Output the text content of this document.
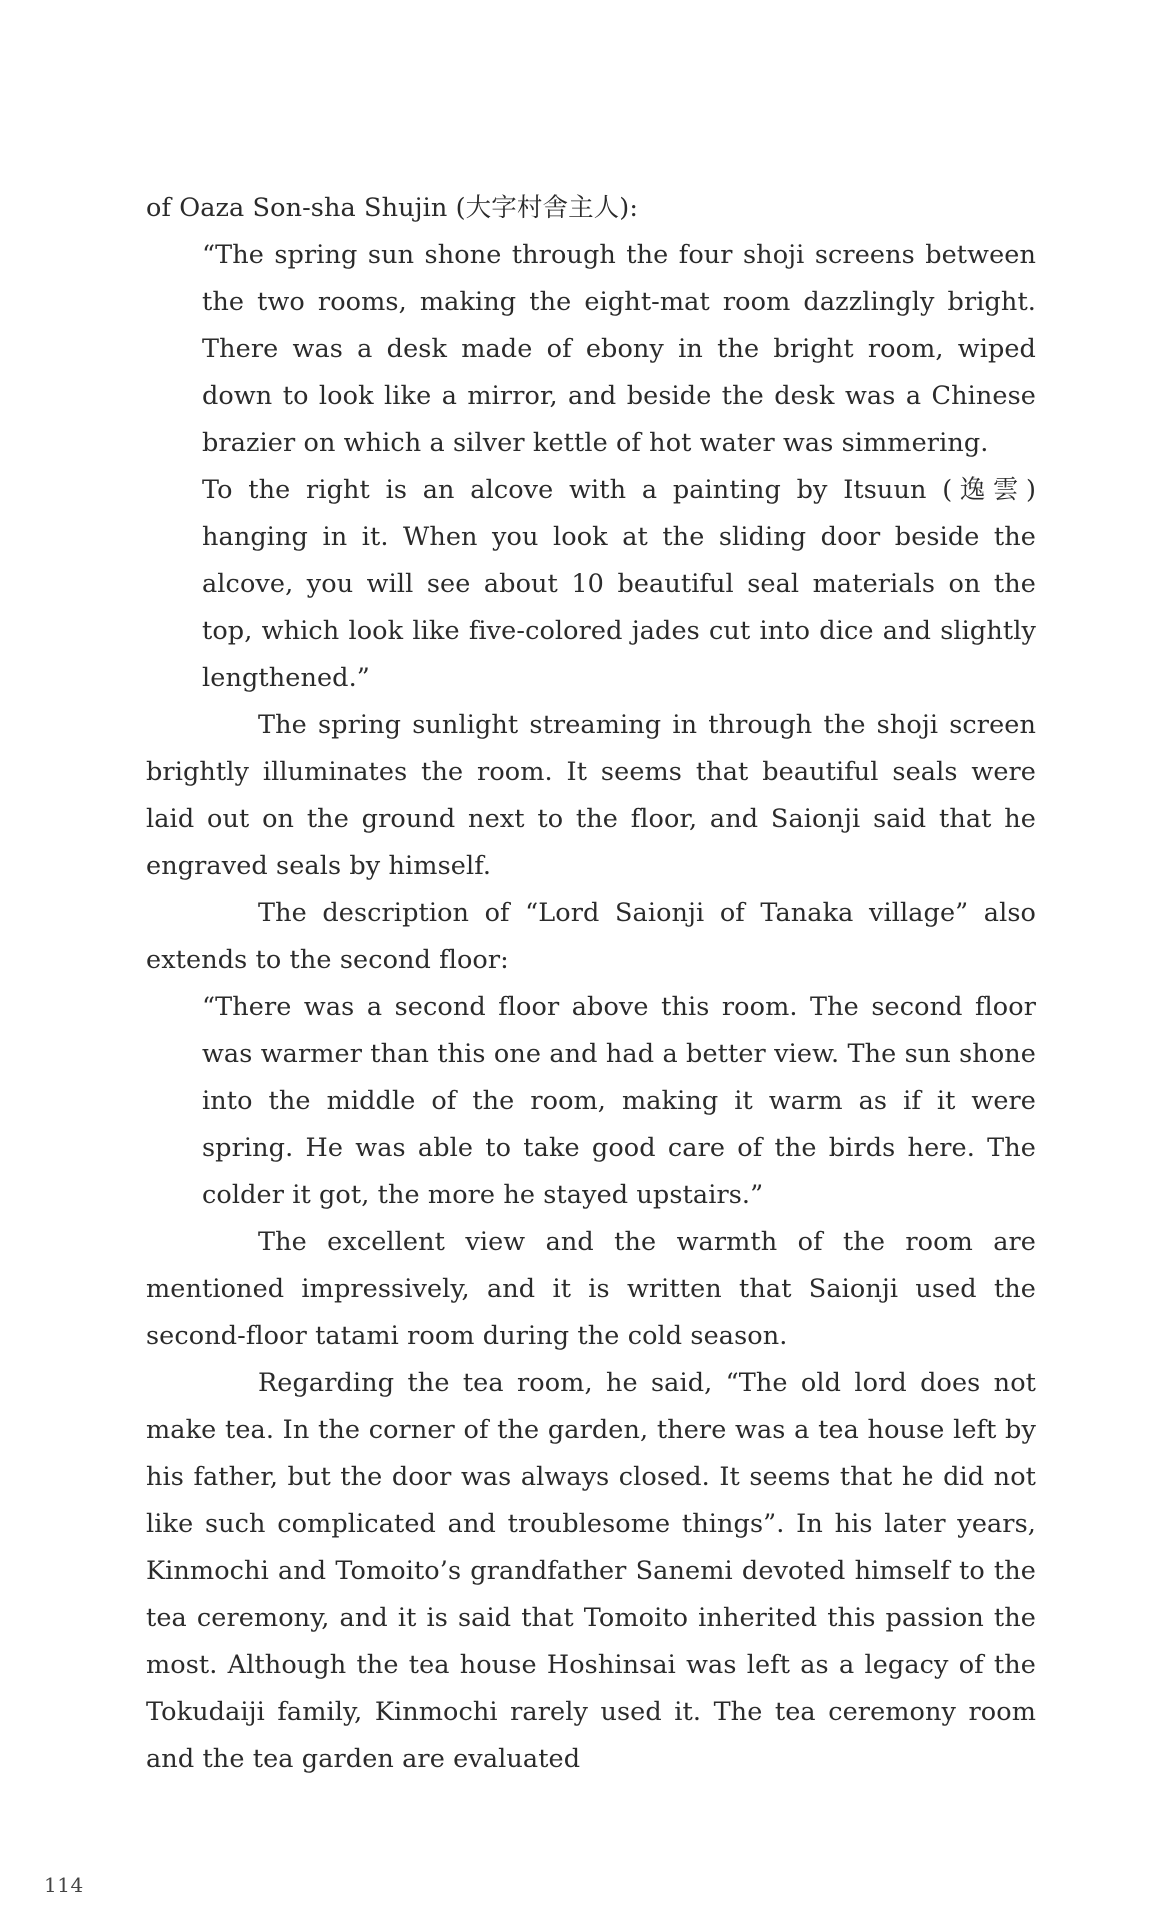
of Oaza Son-sha Shujin (大字村舎主人):

“The spring sun shone through the four shoji screens between the two rooms, making the eight-mat room dazzlingly bright. There was a desk made of ebony in the bright room, wiped down to look like a mirror, and beside the desk was a Chinese brazier on which a silver kettle of hot water was simmering.

To the right is an alcove with a painting by Itsuun (逸雲) hanging in it. When you look at the sliding door beside the alcove, you will see about 10 beautiful seal materials on the top, which look like five-colored jades cut into dice and slightly lengthened.”

The spring sunlight streaming in through the shoji screen brightly illuminates the room. It seems that beautiful seals were laid out on the ground next to the floor, and Saionji said that he engraved seals by himself.

The description of “Lord Saionji of Tanaka village” also extends to the second floor:

“There was a second floor above this room. The second floor was warmer than this one and had a better view. The sun shone into the middle of the room, making it warm as if it were spring. He was able to take good care of the birds here. The colder it got, the more he stayed upstairs.”

The excellent view and the warmth of the room are mentioned impressively, and it is written that Saionji used the second-floor tatami room during the cold season.

Regarding the tea room, he said, “The old lord does not make tea. In the corner of the garden, there was a tea house left by his father, but the door was always closed. It seems that he did not like such complicated and troublesome things”. In his later years, Kinmochi and Tomoito’s grandfather Sanemi devoted himself to the tea ceremony, and it is said that Tomoito inherited this passion the most. Although the tea house Hoshinsai was left as a legacy of the Tokudaiji family, Kinmochi rarely used it. The tea ceremony room and the tea garden are evaluated

114
